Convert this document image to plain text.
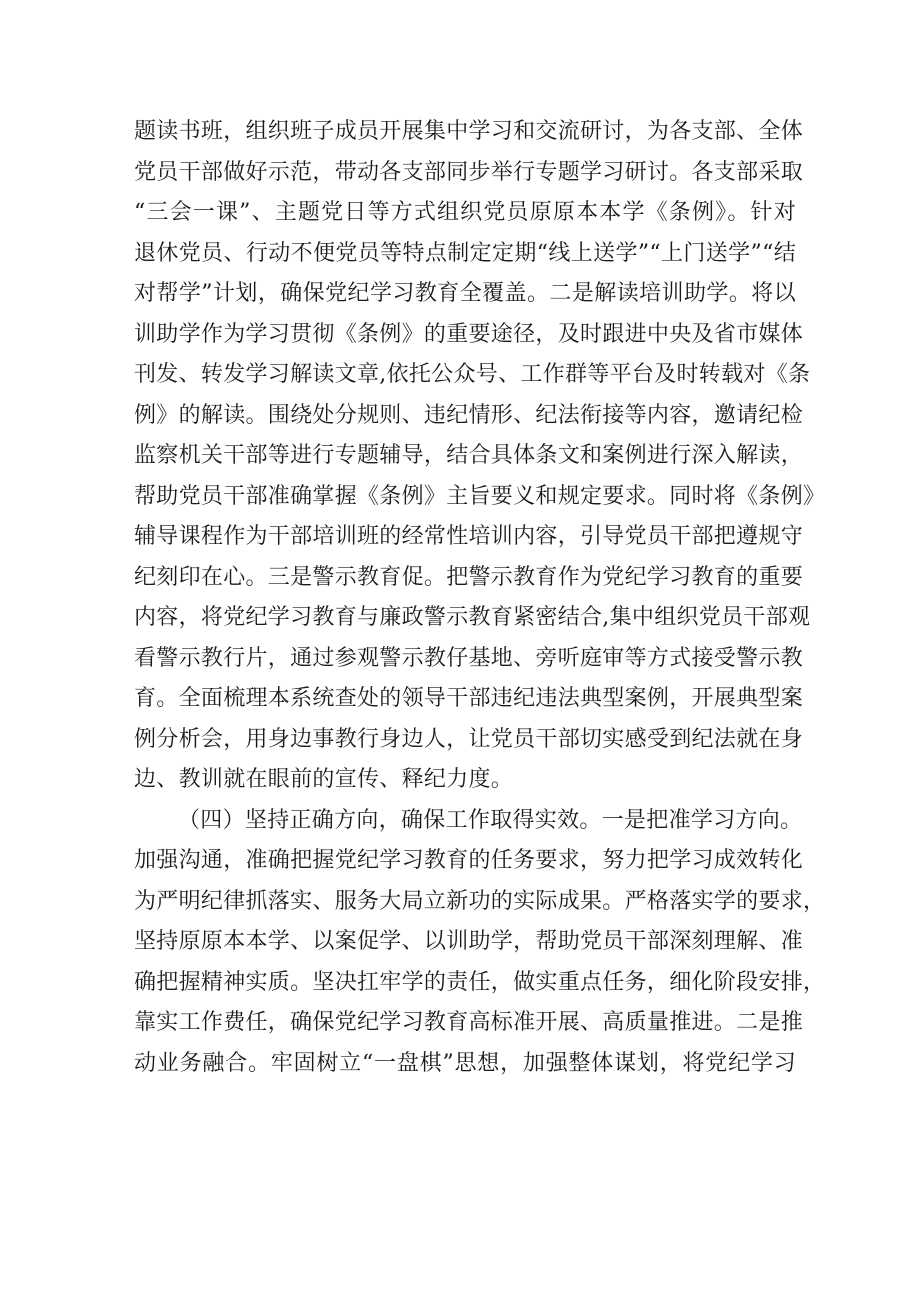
题读书班，组织班子成员开展集中学习和交流研讨，为各支部、全体
党员干部做好示范，带动各支部同步举行专题学习研讨。各支部采取
“三会一课”、主题党日等方式组织党员原原本本学《条例》。针对
退休党员、行动不便党员等特点制定定期“线上送学”“上门送学”“结
对帮学”计划，确保党纪学习教育全覆盖。二是解读培训助学。将以
训助学作为学习贯彻《条例》的重要途径，及时跟进中央及省市媒体
刊发、转发学习解读文章,依托公众号、工作群等平台及时转载对《条
例》的解读。围绕处分规则、违纪情形、纪法衔接等内容，邀请纪检
监察机关干部等进行专题辅导，结合具体条文和案例进行深入解读，
帮助党员干部准确掌握《条例》主旨要义和规定要求。同时将《条例》
辅导课程作为干部培训班的经常性培训内容，引导党员干部把遵规守
纪刻印在心。三是警示教育促。把警示教育作为党纪学习教育的重要
内容，将党纪学习教育与廉政警示教育紧密结合,集中组织党员干部观
看警示教行片，通过参观警示教仔基地、旁听庭审等方式接受警示教
育。全面梳理本系统查处的领导干部违纪违法典型案例，开展典型案
例分析会，用身边事教行身边人，让党员干部切实感受到纪法就在身
边、教训就在眼前的宣传、释纪力度。
（四）坚持正确方向，确保工作取得实效。一是把准学习方向。
加强沟通，准确把握党纪学习教育的任务要求，努力把学习成效转化
为严明纪律抓落实、服务大局立新功的实际成果。严格落实学的要求，
坚持原原本本学、以案促学、以训助学，帮助党员干部深刻理解、准
确把握精神实质。坚决扛牢学的责任，做实重点任务，细化阶段安排，
靠实工作费任，确保党纪学习教育高标准开展、高质量推进。二是推
动业务融合。牢固树立“一盘棋”思想，加强整体谋划，将党纪学习
